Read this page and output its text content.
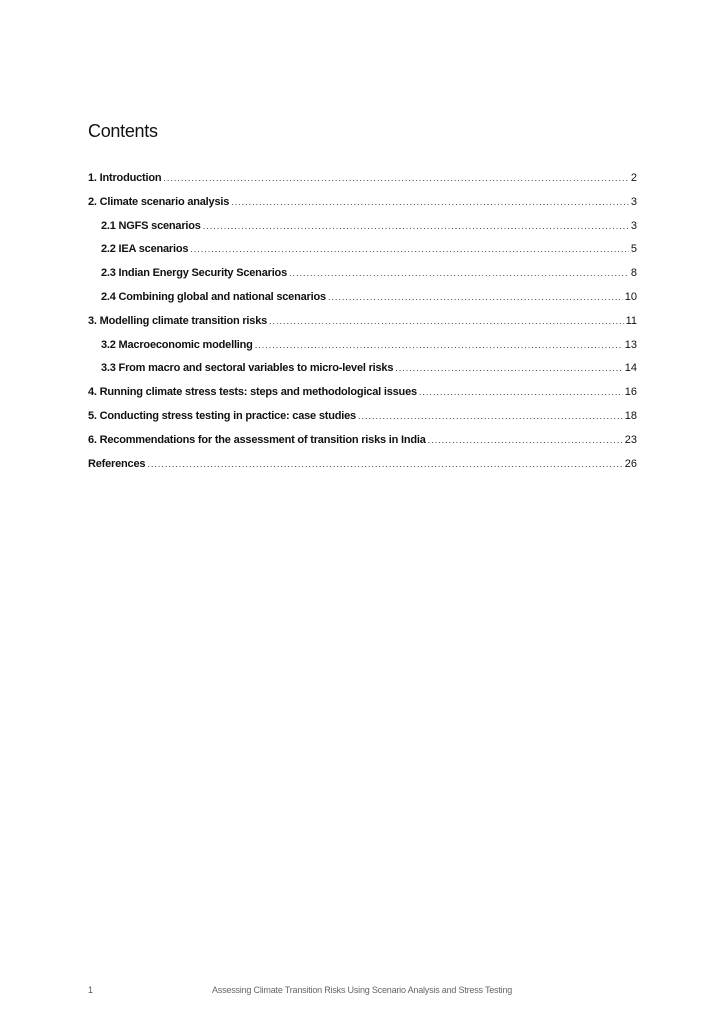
Contents
1. Introduction .....	2
2. Climate scenario analysis .....	3
2.1 NGFS scenarios .....	3
2.2 IEA scenarios .....	5
2.3 Indian Energy Security Scenarios .....	8
2.4 Combining global and national scenarios .....	10
3. Modelling climate transition risks .....	11
3.2 Macroeconomic modelling .....	13
3.3 From macro and sectoral variables to micro-level risks .....	14
4. Running climate stress tests: steps and methodological issues .....	16
5. Conducting stress testing in practice: case studies .....	18
6. Recommendations for the assessment of transition risks in India .....	23
References .....	26
1	Assessing Climate Transition Risks Using Scenario Analysis and Stress Testing
